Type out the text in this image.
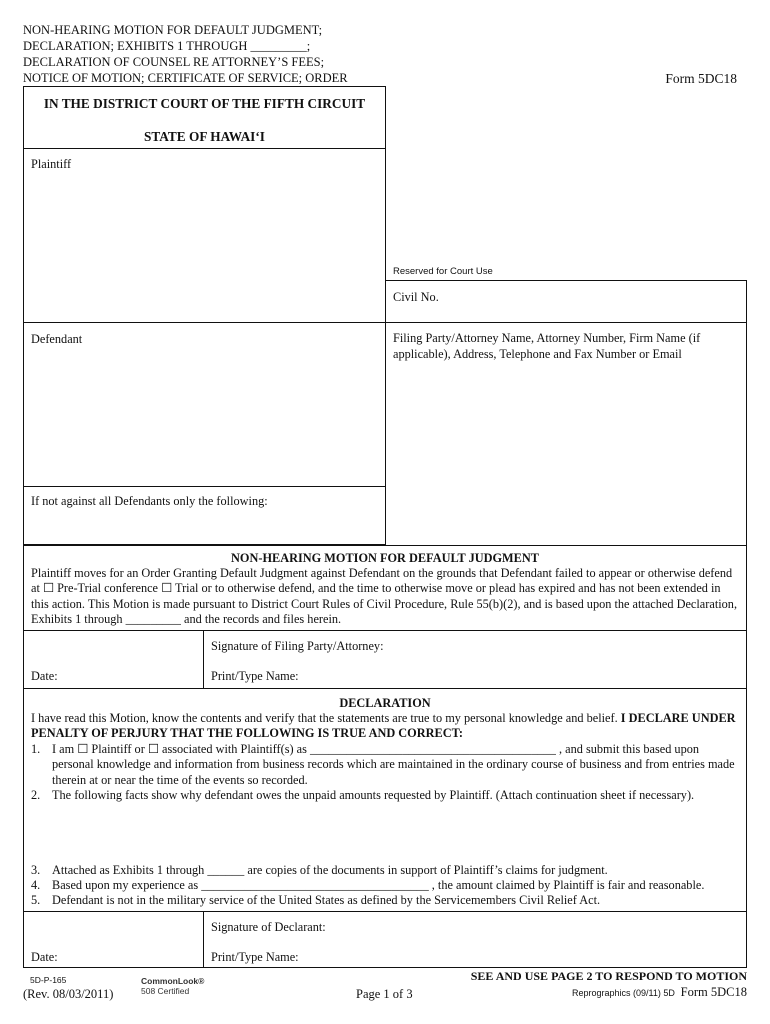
NON-HEARING MOTION FOR DEFAULT JUDGMENT;
DECLARATION; EXHIBITS 1 THROUGH _________;
DECLARATION OF COUNSEL RE ATTORNEY’S FEES;
NOTICE OF MOTION; CERTIFICATE OF SERVICE; ORDER	Form 5DC18
IN THE DISTRICT COURT OF THE FIFTH CIRCUIT
STATE OF HAWAI‘I
Plaintiff
Defendant
If not against all Defendants only the following:
Reserved for Court Use
Civil No.
Filing Party/Attorney Name, Attorney Number, Firm Name (if applicable), Address, Telephone and Fax Number or Email
NON-HEARING MOTION FOR DEFAULT JUDGMENT
Plaintiff moves for an Order Granting Default Judgment against Defendant on the grounds that Defendant failed to appear or otherwise defend at ☐ Pre-Trial conference ☐ Trial or to otherwise defend, and the time to otherwise move or plead has expired and has not been extended in this action. This Motion is made pursuant to District Court Rules of Civil Procedure, Rule 55(b)(2), and is based upon the attached Declaration, Exhibits 1 through _________ and the records and files herein.
Signature of Filing Party/Attorney:
Date:	Print/Type Name:
DECLARATION
I have read this Motion, know the contents and verify that the statements are true to my personal knowledge and belief. I DECLARE UNDER PENALTY OF PERJURY THAT THE FOLLOWING IS TRUE AND CORRECT:
1. I am ☐ Plaintiff or ☐ associated with Plaintiff(s) as ________________________________________ , and submit this based upon personal knowledge and information from business records which are maintained in the ordinary course of business and from entries made therein at or near the time of the events so recorded.
2. The following facts show why defendant owes the unpaid amounts requested by Plaintiff. (Attach continuation sheet if necessary).
3. Attached as Exhibits 1 through ______ are copies of the documents in support of Plaintiff’s claims for judgment.
4. Based upon my experience as _____________________________________ , the amount claimed by Plaintiff is fair and reasonable.
5. Defendant is not in the military service of the United States as defined by the Servicemembers Civil Relief Act.
Signature of Declarant:
Date:	Print/Type Name:
5D-P-165
(Rev. 08/03/2011)
CommonLook®
508 Certified	Page 1 of 3
SEE AND USE PAGE 2 TO RESPOND TO MOTION
Reprographics (09/11) 5D Form 5DC18
